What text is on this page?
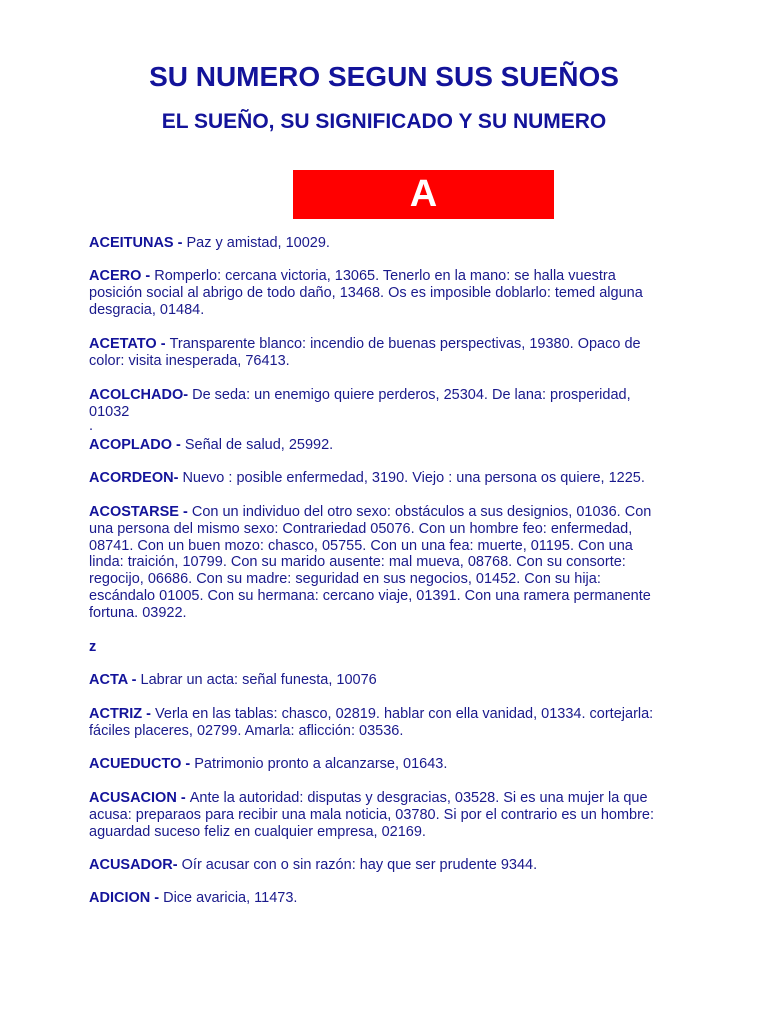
SU NUMERO SEGUN SUS SUEÑOS
EL SUEÑO, SU SIGNIFICADO Y SU NUMERO
A
ACEITUNAS - Paz y amistad, 10029.
ACERO - Romperlo: cercana victoria, 13065. Tenerlo en la mano: se halla vuestra
posición social al abrigo de todo daño, 13468. Os es imposible doblarlo: temed alguna
desgracia, 01484.
ACETATO - Transparente blanco: incendio de buenas perspectivas, 19380. Opaco de
color: visita inesperada, 76413.
ACOLCHADO- De seda: un enemigo quiere perderos, 25304. De lana: prosperidad,
01032
.
ACOPLADO - Señal de salud, 25992.
ACORDEON- Nuevo : posible enfermedad, 3190. Viejo : una persona os quiere, 1225.
ACOSTARSE - Con un individuo del otro sexo: obstáculos a sus designios, 01036. Con
una persona del mismo sexo: Contrariedad 05076. Con un hombre feo: enfermedad,
08741. Con un buen mozo: chasco, 05755. Con un una fea: muerte, 01195. Con una
linda: traición, 10799. Con su marido ausente: mal mueva, 08768. Con su consorte:
regocijo, 06686. Con su madre: seguridad en sus negocios, 01452. Con su hija:
escándalo 01005. Con su hermana: cercano viaje, 01391. Con una ramera permanente
fortuna. 03922.
z
ACTA - Labrar un acta: señal funesta, 10076
ACTRIZ - Verla en las tablas: chasco, 02819. hablar con ella vanidad, 01334. cortejarla:
fáciles placeres, 02799. Amarla: aflicción: 03536.
ACUEDUCTO - Patrimonio pronto a alcanzarse, 01643.
ACUSACION - Ante la autoridad: disputas y desgracias, 03528. Si es una mujer la que
acusa: preparaos para recibir una mala noticia, 03780. Si por el contrario es un hombre:
aguardad suceso feliz en cualquier empresa, 02169.
ACUSADOR- Oír acusar con o sin razón: hay que ser prudente 9344.
ADICION - Dice avaricia, 11473.
